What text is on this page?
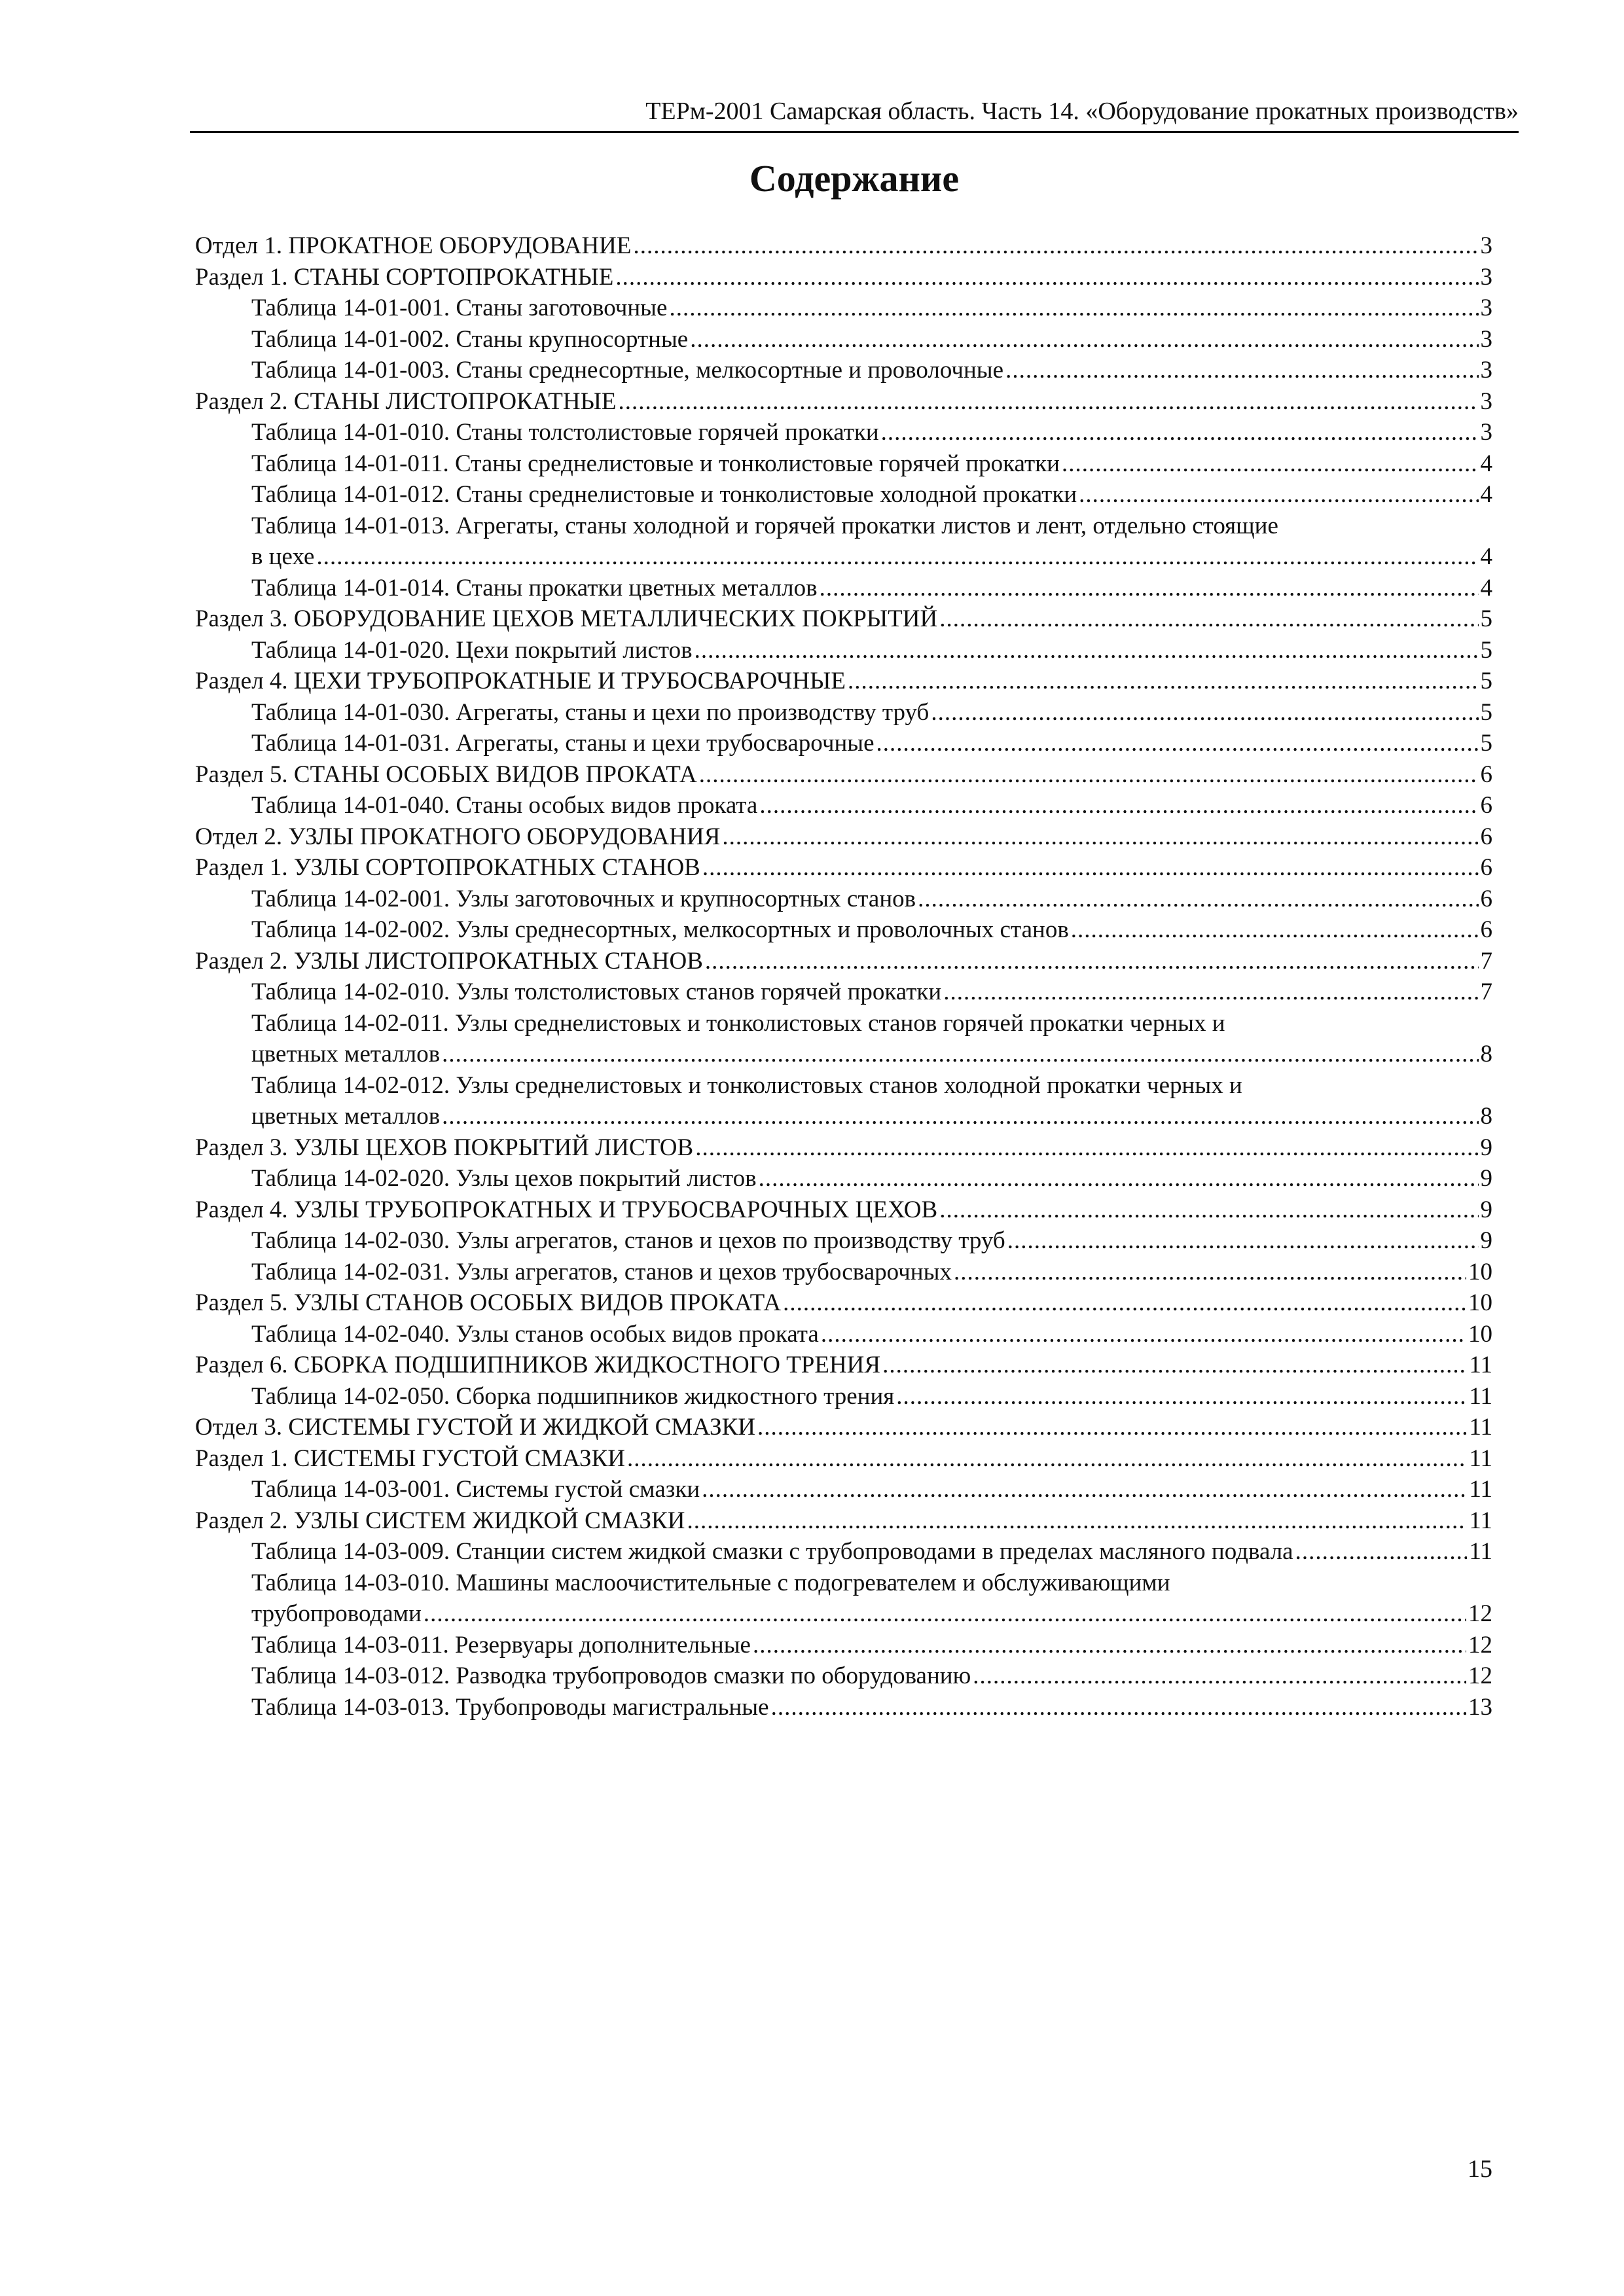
ТЕРм-2001 Самарская область. Часть 14. «Оборудование прокатных производств»
Содержание
Отдел 1. ПРОКАТНОЕ ОБОРУДОВАНИЕ .....	3
Раздел 1. СТАНЫ СОРТОПРОКАТНЫЕ .....	3
Таблица 14-01-001. Станы заготовочные .....	3
Таблица 14-01-002. Станы крупносортные .....	3
Таблица 14-01-003. Станы среднесортные, мелкосортные и проволочные .....	3
Раздел 2. СТАНЫ ЛИСТОПРОКАТНЫЕ .....	3
Таблица 14-01-010. Станы толстолистовые горячей прокатки .....	3
Таблица 14-01-011. Станы среднелистовые и тонколистовые горячей прокатки .....	4
Таблица 14-01-012. Станы среднелистовые и тонколистовые холодной прокатки .....	4
Таблица 14-01-013. Агрегаты, станы холодной и горячей прокатки листов и лент, отдельно стоящие
в цехе .....	4
Таблица 14-01-014. Станы прокатки цветных металлов .....	4
Раздел 3. ОБОРУДОВАНИЕ ЦЕХОВ МЕТАЛЛИЧЕСКИХ ПОКРЫТИЙ .....	5
Таблица 14-01-020. Цехи покрытий листов .....	5
Раздел 4. ЦЕХИ ТРУБОПРОКАТНЫЕ И ТРУБОСВАРОЧНЫЕ .....	5
Таблица 14-01-030. Агрегаты, станы и цехи по производству труб .....	5
Таблица 14-01-031. Агрегаты, станы и цехи трубосварочные .....	5
Раздел 5. СТАНЫ ОСОБЫХ ВИДОВ ПРОКАТА .....	6
Таблица 14-01-040. Станы особых видов проката .....	6
Отдел 2. УЗЛЫ ПРОКАТНОГО ОБОРУДОВАНИЯ .....	6
Раздел 1. УЗЛЫ СОРТОПРОКАТНЫХ СТАНОВ .....	6
Таблица 14-02-001. Узлы заготовочных и крупносортных станов .....	6
Таблица 14-02-002. Узлы среднесортных, мелкосортных и проволочных станов .....	6
Раздел 2. УЗЛЫ ЛИСТОПРОКАТНЫХ СТАНОВ .....	7
Таблица 14-02-010. Узлы толстолистовых станов горячей прокатки .....	7
Таблица 14-02-011. Узлы среднелистовых и тонколистовых станов горячей прокатки черных и
цветных металлов .....	8
Таблица 14-02-012. Узлы среднелистовых и тонколистовых станов холодной прокатки черных и
цветных металлов .....	8
Раздел 3. УЗЛЫ ЦЕХОВ ПОКРЫТИЙ ЛИСТОВ .....	9
Таблица 14-02-020. Узлы цехов покрытий листов .....	9
Раздел 4. УЗЛЫ ТРУБОПРОКАТНЫХ И ТРУБОСВАРОЧНЫХ ЦЕХОВ .....	9
Таблица 14-02-030. Узлы агрегатов, станов и цехов по производству труб .....	9
Таблица 14-02-031. Узлы агрегатов, станов и цехов трубосварочных .....	10
Раздел 5. УЗЛЫ СТАНОВ ОСОБЫХ ВИДОВ ПРОКАТА .....	10
Таблица 14-02-040. Узлы станов особых видов проката .....	10
Раздел 6. СБОРКА ПОДШИПНИКОВ ЖИДКОСТНОГО ТРЕНИЯ .....	11
Таблица 14-02-050. Сборка подшипников жидкостного трения .....	11
Отдел 3. СИСТЕМЫ ГУСТОЙ И ЖИДКОЙ СМАЗКИ .....	11
Раздел 1. СИСТЕМЫ ГУСТОЙ СМАЗКИ .....	11
Таблица 14-03-001. Системы густой смазки .....	11
Раздел 2. УЗЛЫ СИСТЕМ ЖИДКОЙ СМАЗКИ .....	11
Таблица 14-03-009. Станции систем жидкой смазки с трубопроводами в пределах масляного подвала .....	11
Таблица 14-03-010. Машины маслоочистительные с подогревателем и обслуживающими
трубопроводами .....	12
Таблица 14-03-011. Резервуары дополнительные .....	12
Таблица 14-03-012. Разводка трубопроводов смазки по оборудованию .....	12
Таблица 14-03-013. Трубопроводы магистральные .....	13
15
